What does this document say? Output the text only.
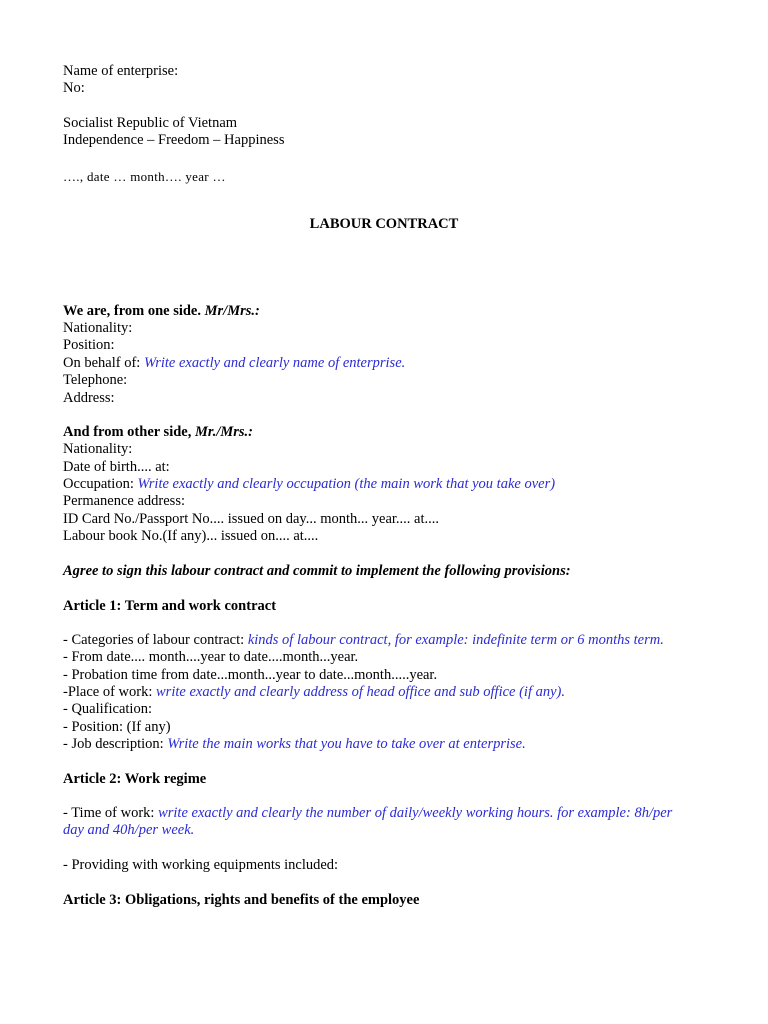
Name of enterprise:
No:
Socialist Republic of Vietnam
Independence – Freedom – Happiness
…., date … month…. year …
LABOUR CONTRACT
We are, from one side. Mr/Mrs.:
Nationality:
Position:
On behalf of: Write exactly and clearly name of enterprise.
Telephone:
Address:
And from other side, Mr./Mrs.:
Nationality:
Date of birth.... at:
Occupation: Write exactly and clearly occupation (the main work that you take over)
Permanence address:
ID Card No./Passport No.... issued on day... month... year.... at....
Labour book No.(If any)... issued on.... at....
Agree to sign this labour contract and commit to implement the following provisions:
Article 1: Term and work contract
- Categories of labour contract: kinds of labour contract, for example: indefinite term or 6 months term.
- From date.... month....year to date....month...year.
- Probation time from date...month...year to date...month.....year.
-Place of work: write exactly and clearly address of head office and sub office (if any).
- Qualification:
- Position: (If any)
- Job description: Write the main works that you have to take over at enterprise.
Article 2: Work regime
- Time of work: write exactly and clearly the number of daily/weekly working hours. for example: 8h/per
day and 40h/per week.
- Providing with working equipments included:
Article 3: Obligations, rights and benefits of the employee
